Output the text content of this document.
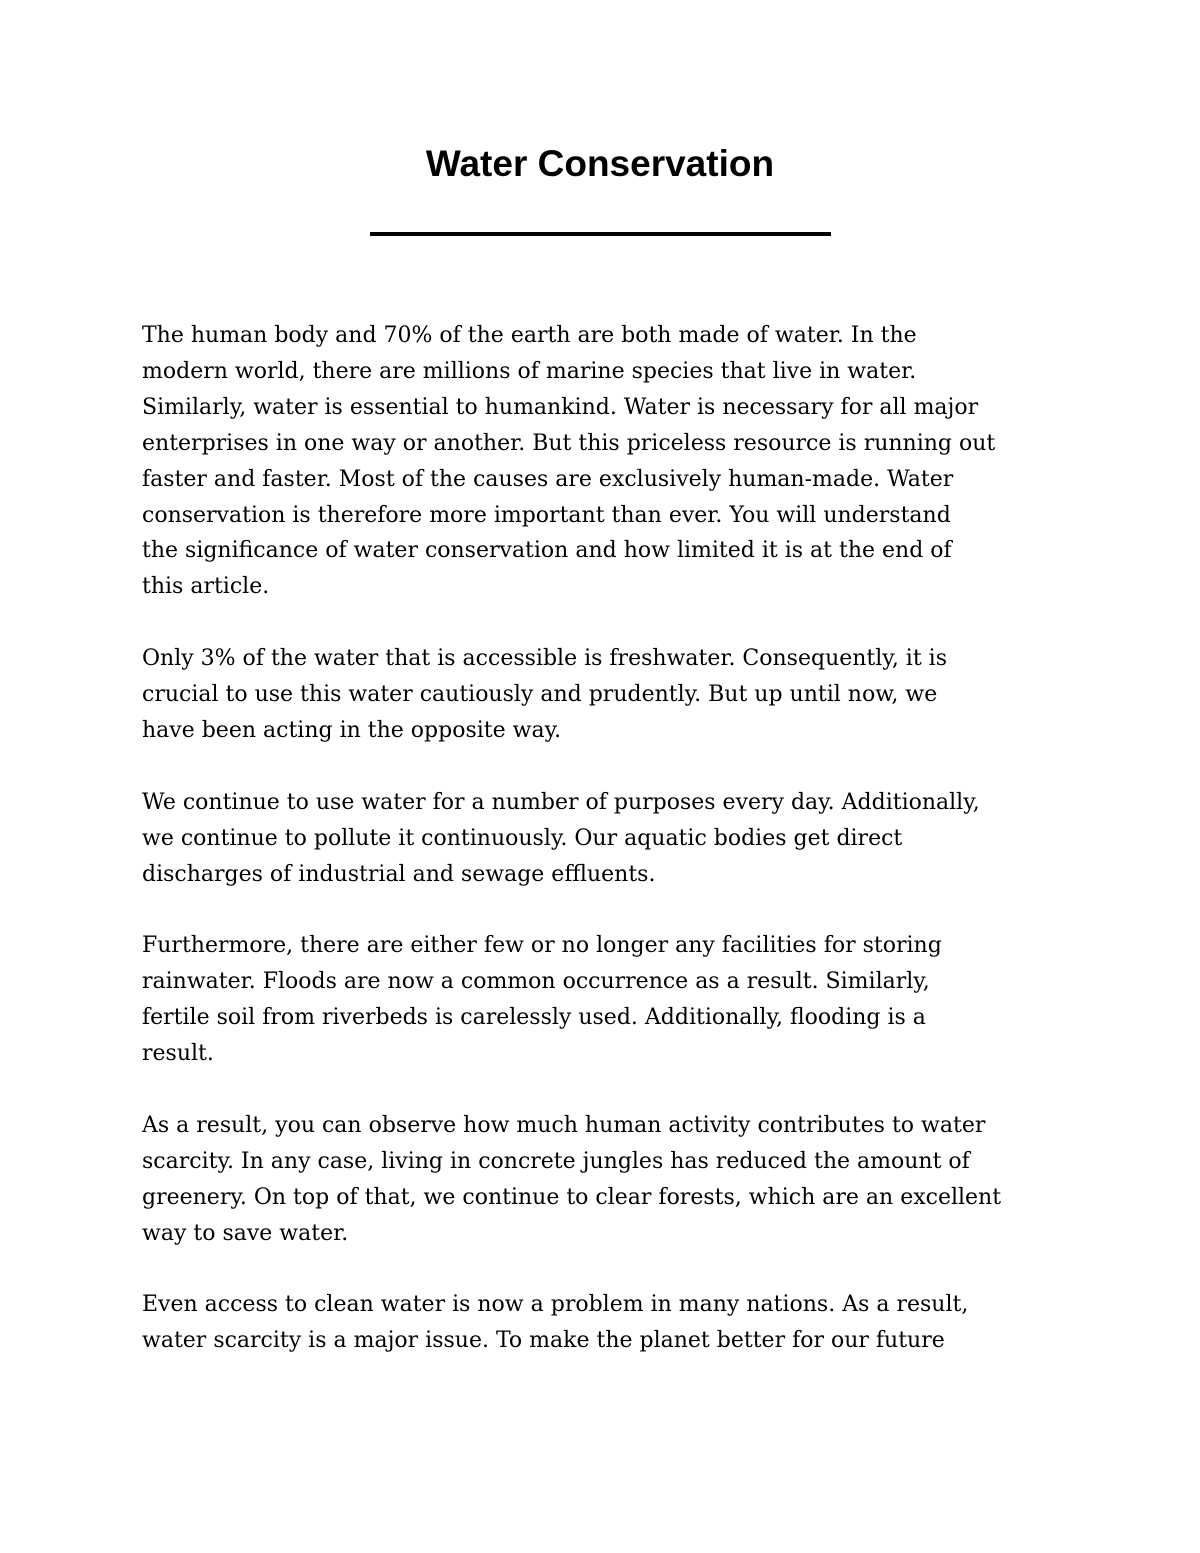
Water Conservation

The human body and 70% of the earth are both made of water. In the
modern world, there are millions of marine species that live in water.
Similarly, water is essential to humankind. Water is necessary for all major
enterprises in one way or another. But this priceless resource is running out
faster and faster. Most of the causes are exclusively human-made. Water
conservation is therefore more important than ever. You will understand
the significance of water conservation and how limited it is at the end of
this article.

Only 3% of the water that is accessible is freshwater. Consequently, it is
crucial to use this water cautiously and prudently. But up until now, we
have been acting in the opposite way.

We continue to use water for a number of purposes every day. Additionally,
we continue to pollute it continuously. Our aquatic bodies get direct
discharges of industrial and sewage effluents.

Furthermore, there are either few or no longer any facilities for storing
rainwater. Floods are now a common occurrence as a result. Similarly,
fertile soil from riverbeds is carelessly used. Additionally, flooding is a
result.

As a result, you can observe how much human activity contributes to water
scarcity. In any case, living in concrete jungles has reduced the amount of
greenery. On top of that, we continue to clear forests, which are an excellent
way to save water.

Even access to clean water is now a problem in many nations. As a result,
water scarcity is a major issue. To make the planet better for our future
